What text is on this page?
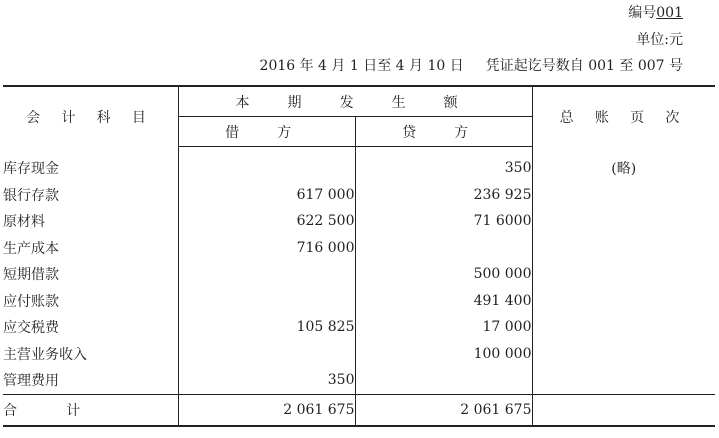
编号001
单位:元
2016 年 4 月 1 日至 4 月 10 日 凭证起讫号数自 001 至 007 号
会 计 科 目	本 期 发 生 额		总 账 页 次
	借 方	贷 方	
库存现金		350	(略)
银行存款	617 000	236 925	
原材料	622 500	71 6000	
生产成本	716 000		
短期借款		500 000	
应付账款		491 400	
应交税费	105 825	17 000	
主营业务收入		100 000	
管理费用	350		
合 计	2 061 675	2 061 675	
